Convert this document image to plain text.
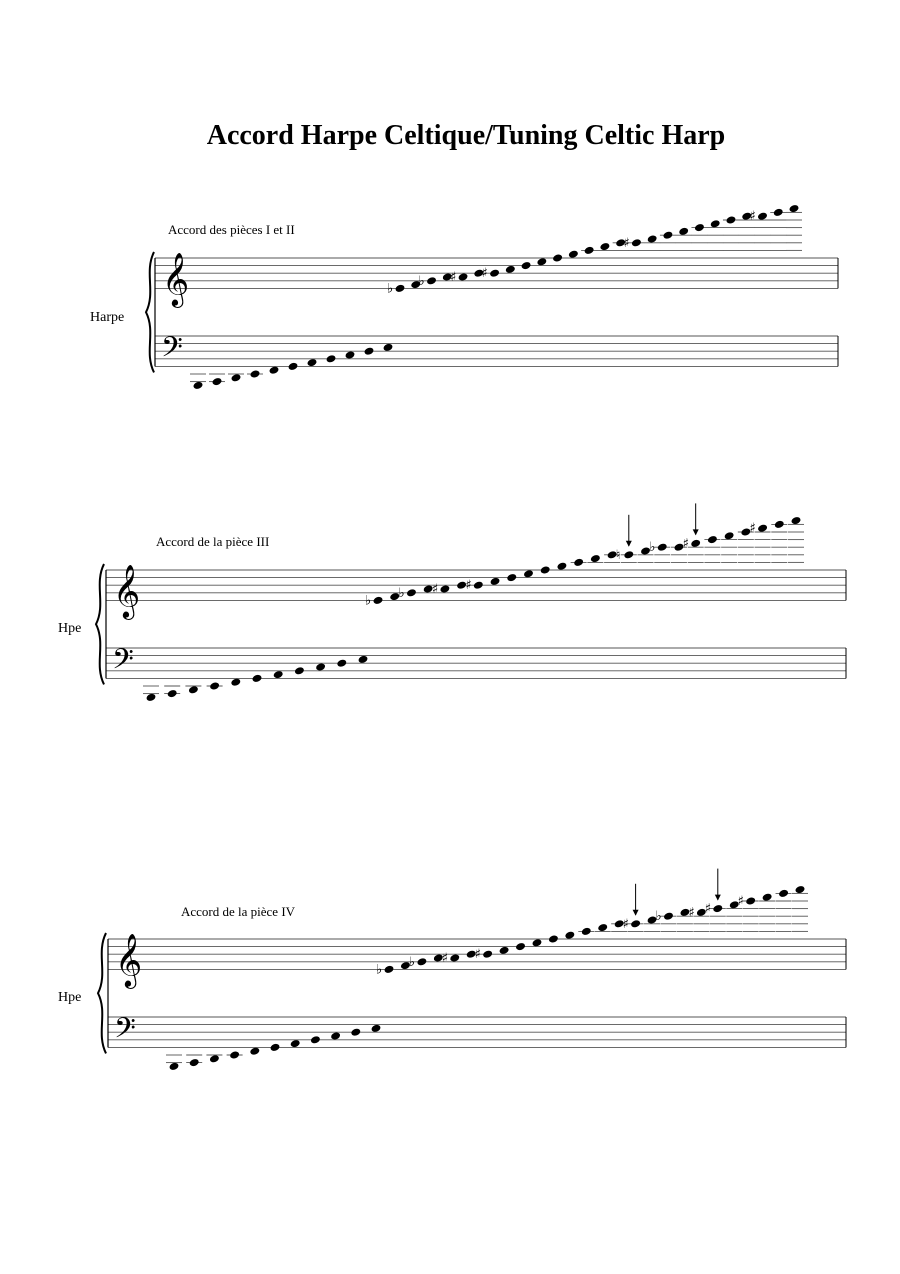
Accord Harpe Celtique/Tuning Celtic Harp
Accord des pièces I et II
Harpe
Accord de la pièce III
Hpe
Accord de la pièce IV
Hpe
𝄞
𝄢
♭
♭ ♯ ♯
♯
♯
𝄞
𝄢
♭
♭ ♯ ♯
♮
♭ ♯
♯
𝄞
𝄢
♭
♭ ♯ ♯
♯
♭ ♯ ♯
♯
